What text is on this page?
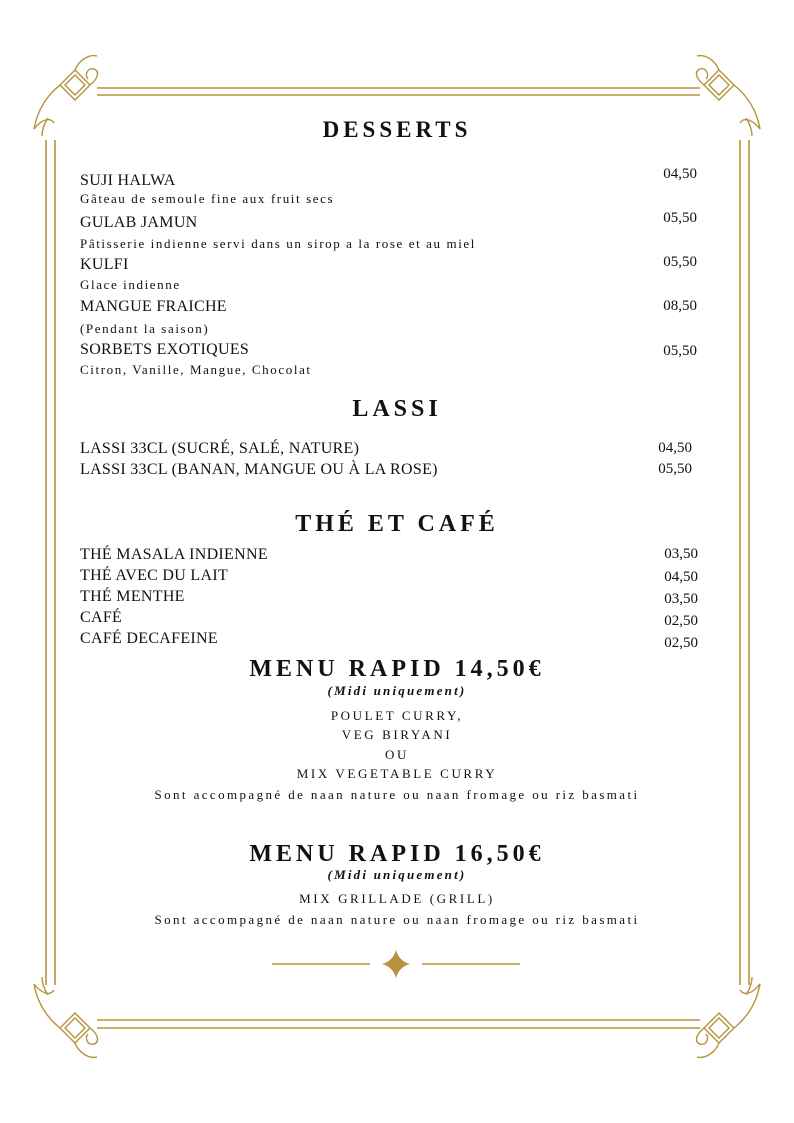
DESSERTS
SUJI HALWA	04,50
Gâteau de semoule fine aux fruit secs
GULAB JAMUN	05,50
Pâtisserie indienne servi dans un sirop a la rose et au miel
KULFI	05,50
Glace indienne
MANGUE FRAICHE	08,50
(Pendant la saison)
SORBETS EXOTIQUES	05,50
Citron, Vanille, Mangue, Chocolat
LASSI
LASSI 33CL (SUCRÉ, SALÉ, NATURE)	04,50
LASSI 33CL (BANAN, MANGUE OU À LA ROSE)	05,50
THÉ ET CAFÉ
THÉ MASALA INDIENNE	03,50
THÉ AVEC DU LAIT	04,50
THÉ MENTHE	03,50
CAFÉ	02,50
CAFÉ DECAFEINE	02,50
MENU RAPID 14,50€
(Midi uniquement)
POULET CURRY,
VEG BIRYANI
OU
MIX VEGETABLE CURRY
Sont accompagné de naan nature ou naan fromage ou riz basmati
MENU RAPID 16,50€
(Midi uniquement)
MIX GRILLADE (GRILL)
Sont accompagné de naan nature ou naan fromage ou riz basmati
